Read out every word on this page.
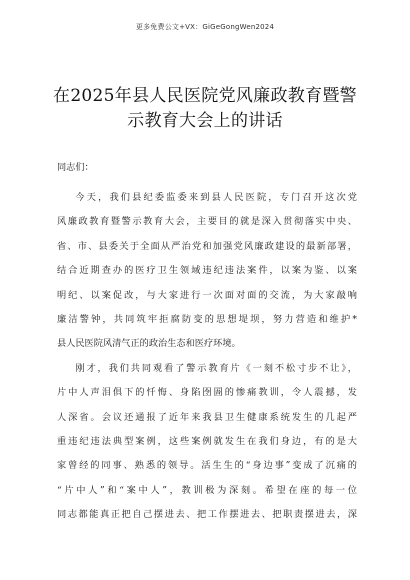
更多免费公文+VX：GiGeGongWen2024
在2025年县人民医院党风廉政教育暨警
示教育大会上的讲话
同志们：
今天，我们县纪委监委来到县人民医院，专门召开这次党
风廉政教育暨警示教育大会，主要目的就是深入贯彻落实中央、
省、市、县委关于全面从严治党和加强党风廉政建设的最新部署，
结合近期查办的医疗卫生领域违纪违法案件，以案为鉴、以案
明纪、以案促改，与大家进行一次面对面的交流，为大家敲响
廉洁警钟，共同筑牢拒腐防变的思想堤坝，努力营造和维护*
县人民医院风清气正的政治生态和医疗环境。
刚才，我们共同观看了警示教育片《一刻不松寸步不让》，
片中人声泪俱下的忏悔、身陷囹圄的惨痛教训，令人震撼，发
人深省。会议还通报了近年来我县卫生健康系统发生的几起严
重违纪违法典型案例，这些案例就发生在我们身边，有的是大
家曾经的同事、熟悉的领导。活生生的“身边事”变成了沉痛的
“片中人”和“案中人”，教训极为深刻。希望在座的每一位
同志都能真正把自己摆进去、把工作摆进去、把职责摆进去，深
